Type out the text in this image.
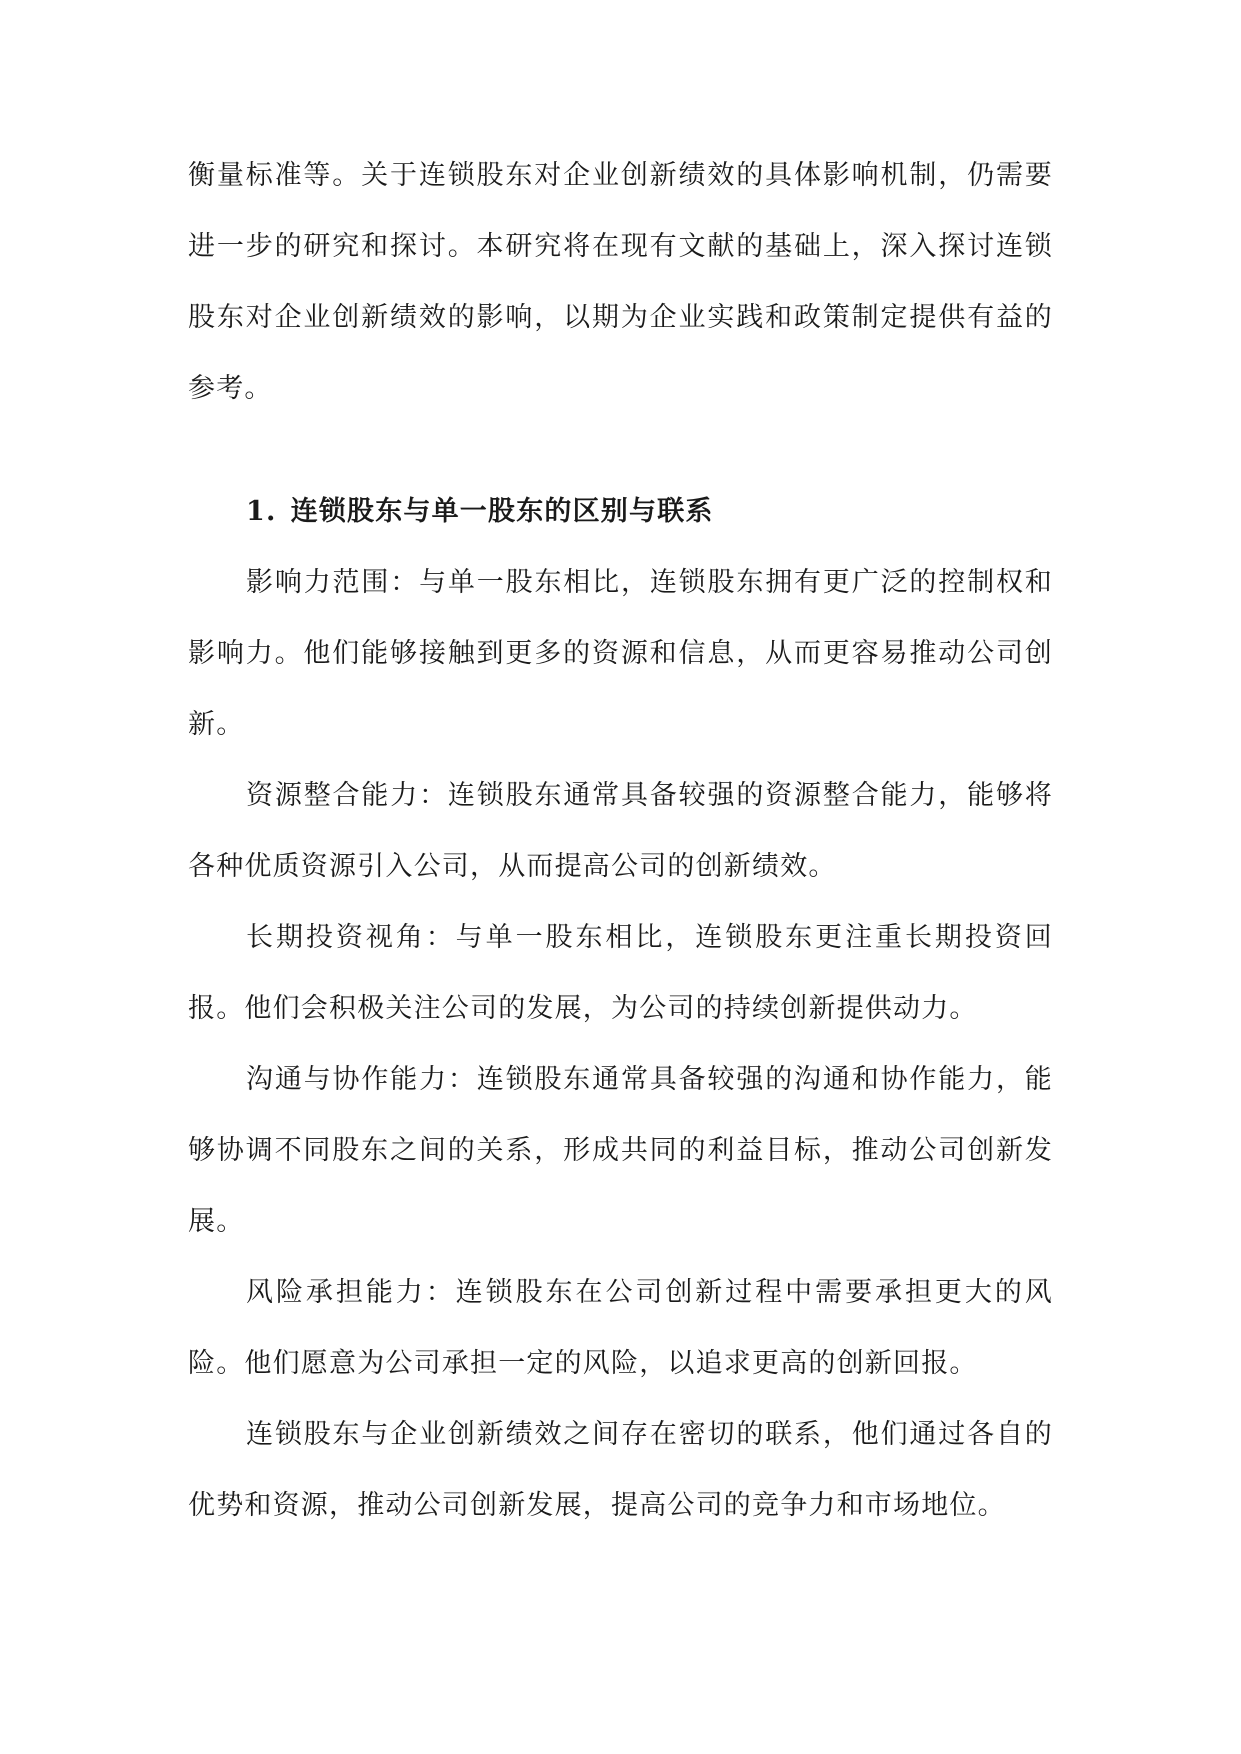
衡量标准等。关于连锁股东对企业创新绩效的具体影响机制，仍需要进一步的研究和探讨。本研究将在现有文献的基础上，深入探讨连锁股东对企业创新绩效的影响，以期为企业实践和政策制定提供有益的参考。

1. 连锁股东与单一股东的区别与联系

影响力范围：与单一股东相比，连锁股东拥有更广泛的控制权和影响力。他们能够接触到更多的资源和信息，从而更容易推动公司创新。

资源整合能力：连锁股东通常具备较强的资源整合能力，能够将各种优质资源引入公司，从而提高公司的创新绩效。

长期投资视角：与单一股东相比，连锁股东更注重长期投资回报。他们会积极关注公司的发展，为公司的持续创新提供动力。

沟通与协作能力：连锁股东通常具备较强的沟通和协作能力，能够协调不同股东之间的关系，形成共同的利益目标，推动公司创新发展。

风险承担能力：连锁股东在公司创新过程中需要承担更大的风险。他们愿意为公司承担一定的风险，以追求更高的创新回报。

连锁股东与企业创新绩效之间存在密切的联系，他们通过各自的优势和资源，推动公司创新发展，提高公司的竞争力和市场地位。
